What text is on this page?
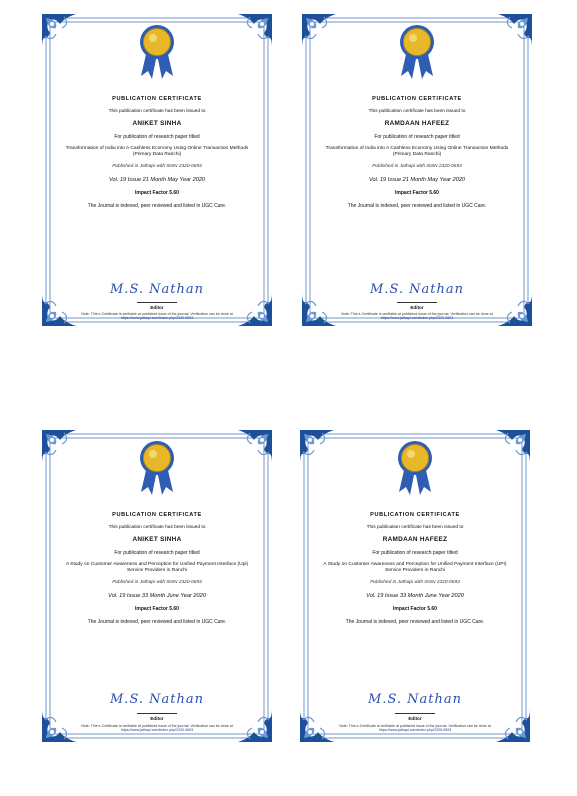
PUBLICATION CERTIFICATE
This publication certificate has been issued to
ANIKET SINHA
For publication of research paper titled
Transformation of India into A Cashless Economy Using Online Transaction Methods (Primary Data Ranchi)
Published in Jathapi with ISSN 2320-0693
Vol. 19 Issue 21 Month May Year 2020
Impact Factor 5.60
The Journal is indexed, peer reviewed and listed in UGC Care.
M.S. Nathan
Editor
Note: This e-Certificate is verifiable at published issue of the journal. Verification can be done at https://www.jathapi.com/index.php/2320-0693
PUBLICATION CERTIFICATE
This publication certificate has been issued to
RAMDAAN HAFEEZ
For publication of research paper titled
Transformation of India into A Cashless Economy Using Online Transaction Methods (Primary Data Ranchi)
Published in Jathapi with ISSN 2320-0693
Vol. 19 Issue 21 Month May Year 2020
Impact Factor 5.60
The Journal is indexed, peer reviewed and listed in UGC Care.
M.S. Nathan
Editor
Note: This e-Certificate is verifiable at published issue of the journal. Verification can be done at https://www.jathapi.com/index.php/2320-0693
PUBLICATION CERTIFICATE
This publication certificate has been issued to
ANIKET SINHA
For publication of research paper titled
A Study on Customer Awareness and Perception for Unified Payment Interface (Upi) Service Providers in Ranchi
Published in Jathapi with ISSN 2320-0693
Vol. 19 Issue 33 Month June Year 2020
Impact Factor 5.60
The Journal is indexed, peer reviewed and listed in UGC Care.
M.S. Nathan
Editor
Note: This e-Certificate is verifiable at published issue of the journal. Verification can be done at https://www.jathapi.com/index.php/2320-0693
PUBLICATION CERTIFICATE
This publication certificate has been issued to
RAMDAAN HAFEEZ
For publication of research paper titled
A Study on Customer Awareness and Perception for Unified Payment Interface (UPI) Service Providers in Ranchi
Published in Jathapi with ISSN 2320-0693
Vol. 19 Issue 33 Month June Year 2020
Impact Factor 5.60
The Journal is indexed, peer reviewed and listed in UGC Care.
M.S. Nathan
Editor
Note: This e-Certificate is verifiable at published issue of the journal. Verification can be done at https://www.jathapi.com/index.php/2320-0693
